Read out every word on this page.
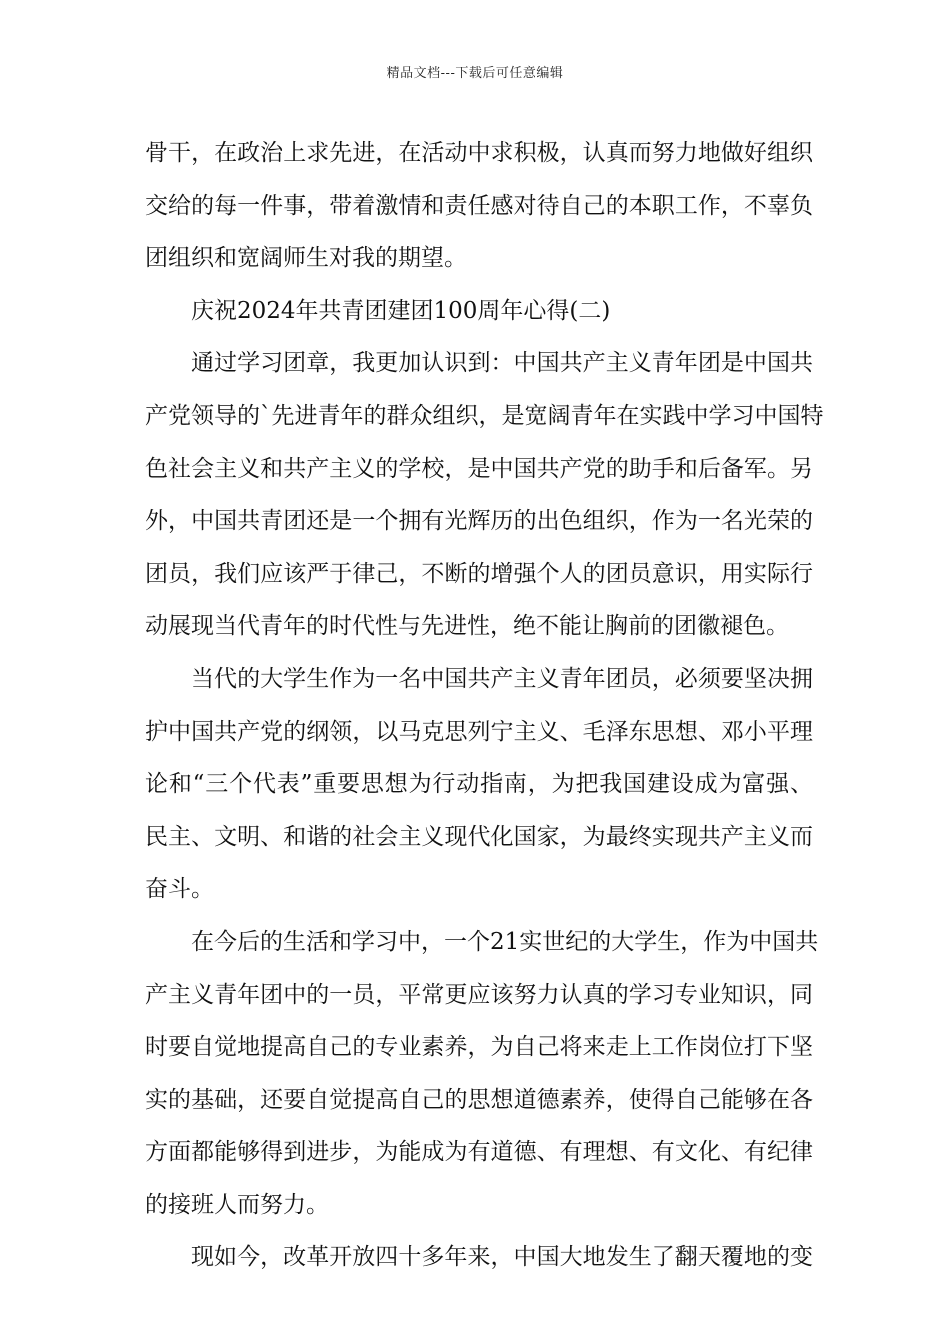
精品文档---下载后可任意编辑
骨干，在政治上求先进，在活动中求积极，认真而努力地做好组织
交给的每一件事，带着激情和责任感对待自己的本职工作，不辜负
团组织和宽阔师生对我的期望。
庆祝2024年共青团建团100周年心得(二)
通过学习团章，我更加认识到：中国共产主义青年团是中国共
产党领导的`先进青年的群众组织，是宽阔青年在实践中学习中国特
色社会主义和共产主义的学校，是中国共产党的助手和后备军。另
外，中国共青团还是一个拥有光辉历的出色组织，作为一名光荣的
团员，我们应该严于律己，不断的增强个人的团员意识，用实际行
动展现当代青年的时代性与先进性，绝不能让胸前的团徽褪色。
当代的大学生作为一名中国共产主义青年团员，必须要坚决拥
护中国共产党的纲领，以马克思列宁主义、毛泽东思想、邓小平理
论和“三个代表”重要思想为行动指南，为把我国建设成为富强、
民主、文明、和谐的社会主义现代化国家，为最终实现共产主义而
奋斗。
在今后的生活和学习中，一个21实世纪的大学生，作为中国共
产主义青年团中的一员，平常更应该努力认真的学习专业知识，同
时要自觉地提高自己的专业素养，为自己将来走上工作岗位打下坚
实的基础，还要自觉提高自己的思想道德素养，使得自己能够在各
方面都能够得到进步，为能成为有道德、有理想、有文化、有纪律
的接班人而努力。
现如今，改革开放四十多年来，中国大地发生了翻天覆地的变
